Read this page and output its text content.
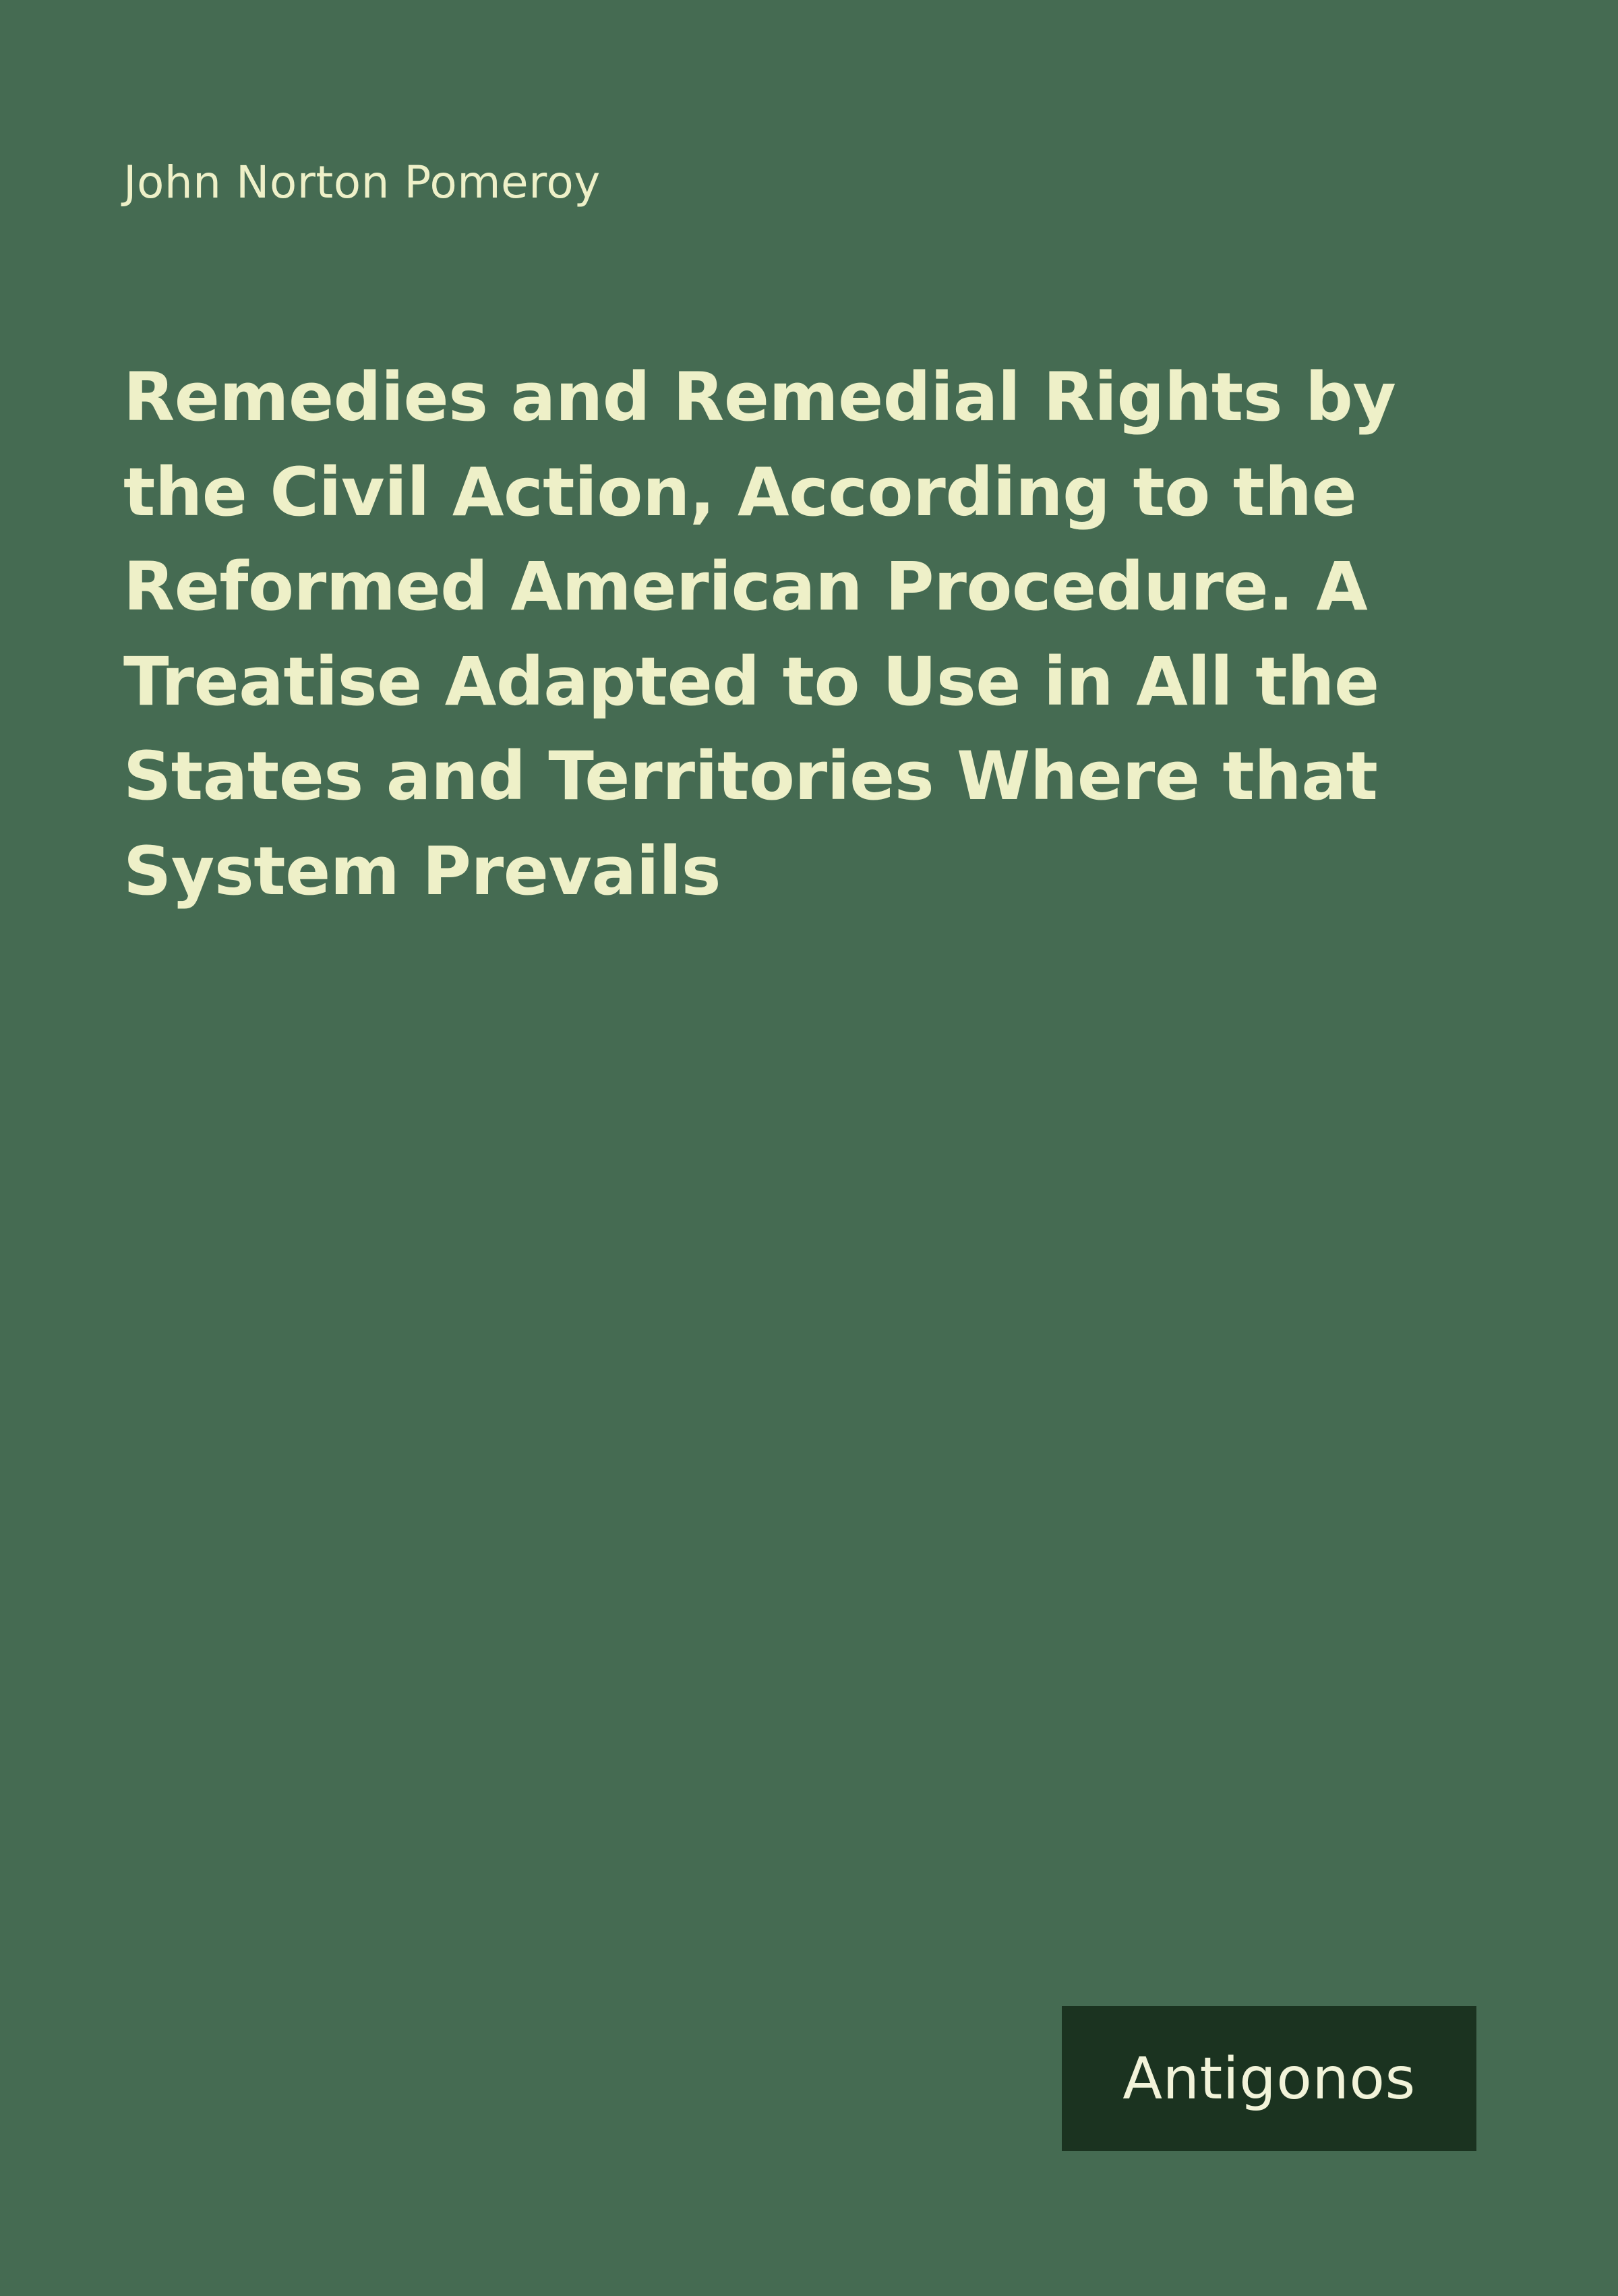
John Norton Pomeroy
Remedies and Remedial Rights by the Civil Action, According to the Reformed American Procedure. A Treatise Adapted to Use in All the States and Territories Where that System Prevails
Antigonos
